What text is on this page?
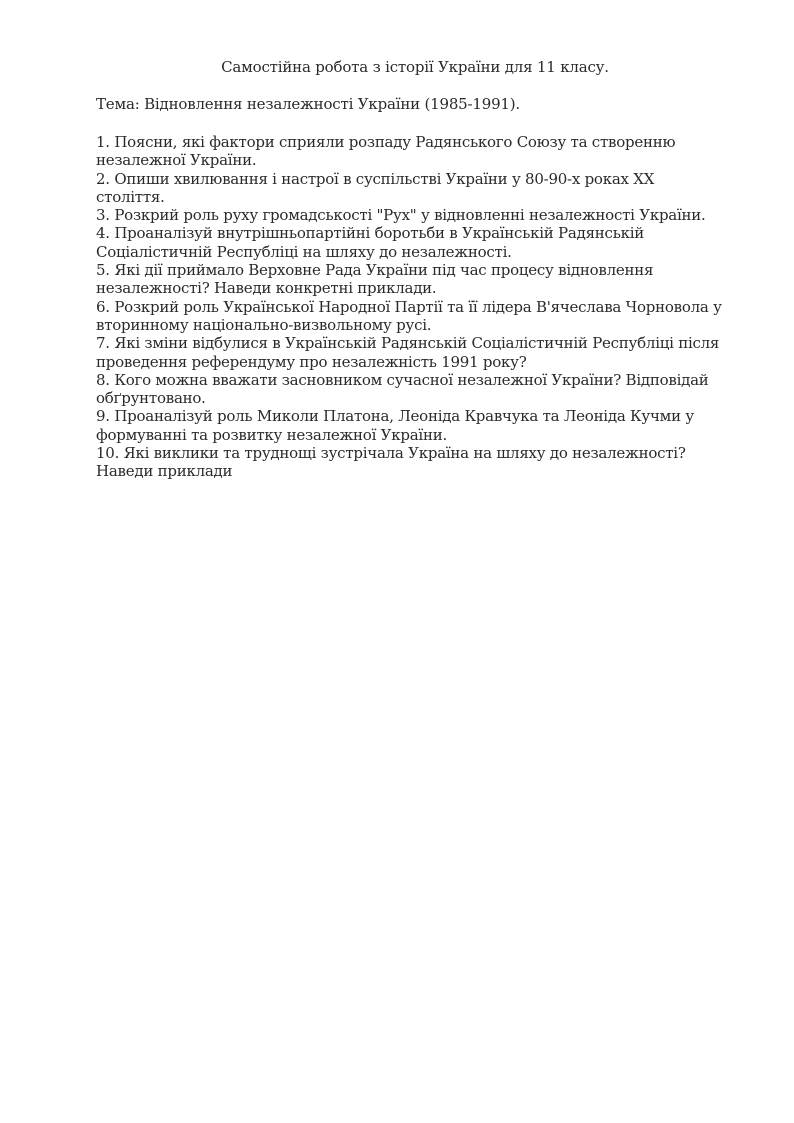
Самостійна робота з історії України для 11 класу.
Тема: Відновлення незалежності України (1985-1991).
1. Поясни, які фактори сприяли розпаду Радянського Союзу та створенню незалежної України.
2. Опиши хвилювання і настрої в суспільстві України у 80-90-х роках ХХ століття.
3. Розкрий роль руху громадськості "Рух" у відновленні незалежності України.
4. Проаналізуй внутрішньопартійні боротьби в Українській Радянській Соціалістичній Республіці на шляху до незалежності.
5. Які дії приймало Верховне Рада України під час процесу відновлення незалежності? Наведи конкретні приклади.
6. Розкрий роль Української Народної Партії та її лідера В'ячеслава Чорновола у вторинному національно-визвольному русі.
7. Які зміни відбулися в Українській Радянській Соціалістичній Республіці після проведення референдуму про незалежність 1991 року?
8. Кого можна вважати засновником сучасної незалежної України? Відповідай обґрунтовано.
9. Проаналізуй роль Миколи Платона, Леоніда Кравчука та Леоніда Кучми у формуванні та розвитку незалежної України.
10. Які виклики та труднощі зустрічала Україна на шляху до незалежності? Наведи приклади
